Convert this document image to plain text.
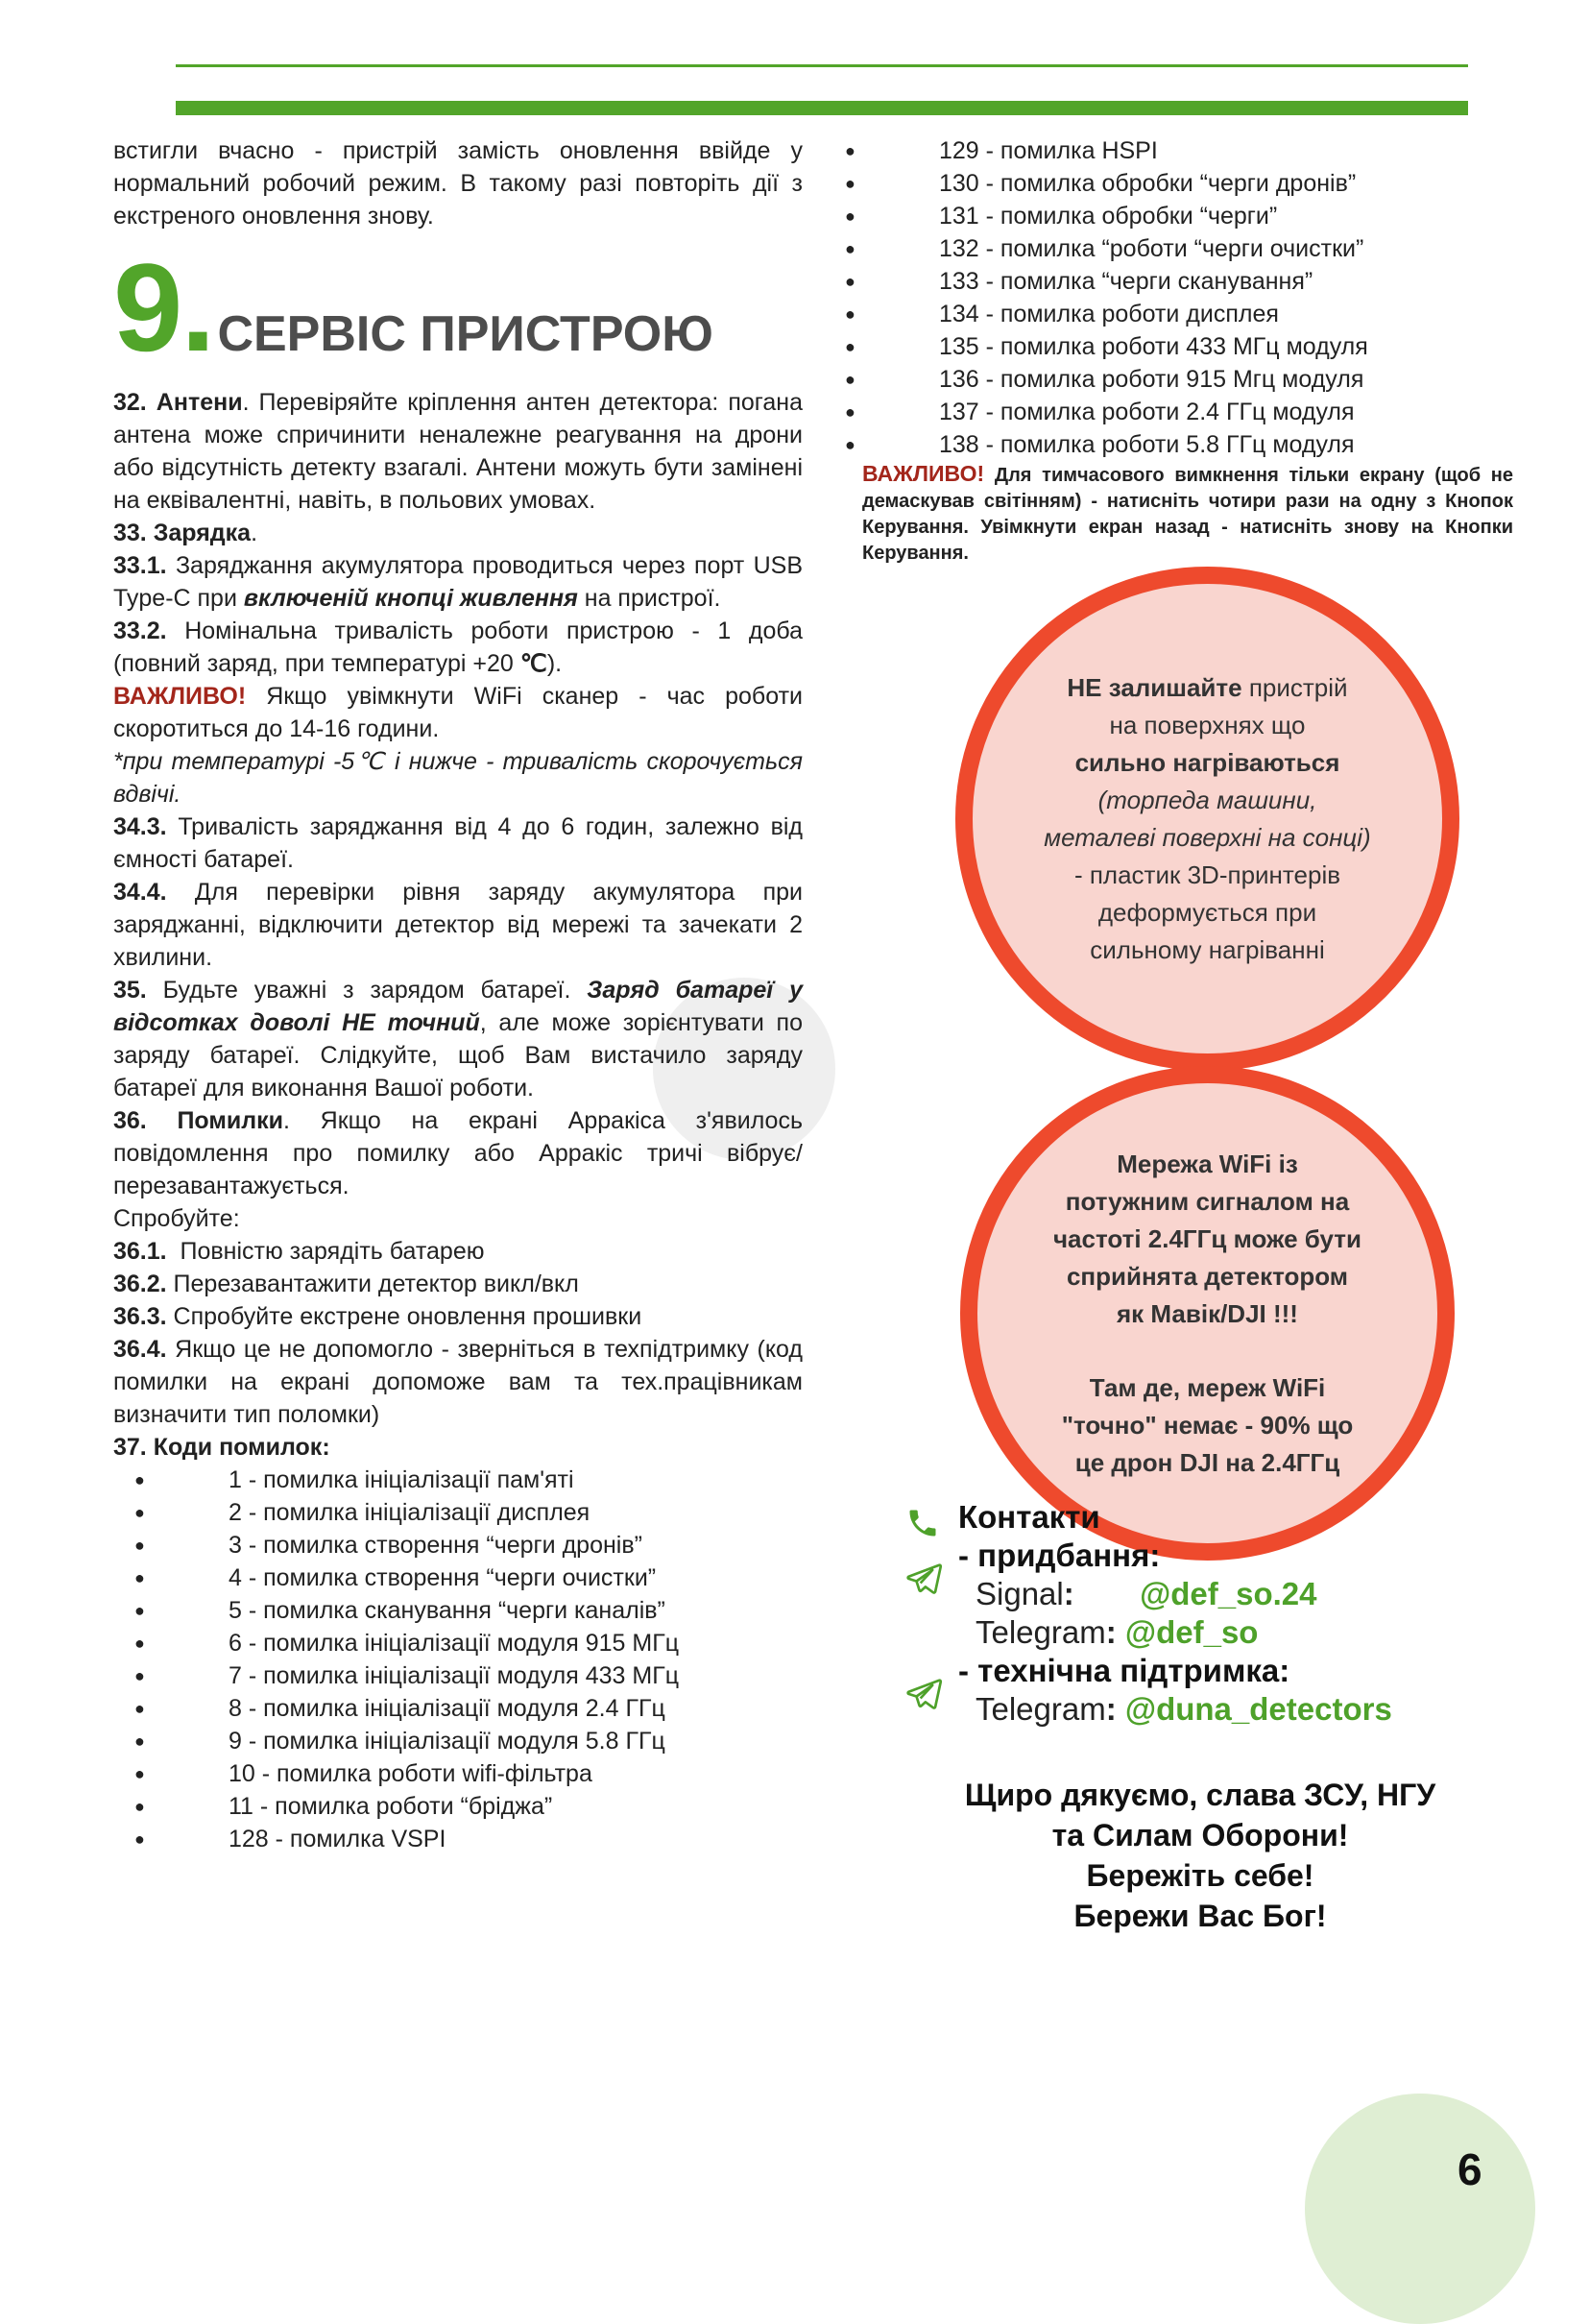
встигли вчасно - пристрій замість оновлення ввійде у нормальний робочий режим. В такому разі повторіть дії з екстреного оновлення знову.

9.СЕРВІС ПРИСТРОЮ

32. Антени. Перевіряйте кріплення антен детектора: погана антена може спричинити неналежне реагування на дрони або відсутність детекту взагалі. Антени можуть бути замінені на еквівалентні, навіть, в польових умовах.

33. Зарядка.

33.1. Заряджання акумулятора проводиться через порт USB Type-C при включеній кнопці живлення на пристрої.

33.2. Номінальна тривалість роботи пристрою - 1 доба (повний заряд, при температурі +20 ℃).

ВАЖЛИВО! Якщо увімкнути WiFi сканер - час роботи скоротиться до 14-16 години.

*при температурі -5℃ і нижче - тривалість скорочується вдвічі.

34.3. Тривалість заряджання від 4 до 6 годин, залежно від ємності батареї.

34.4. Для перевірки рівня заряду акумулятора при заряджанні, відключити детектор від мережі та зачекати 2 хвилини.

35. Будьте уважні з зарядом батареї. Заряд батареї у відсотках доволі НЕ точний, але може зорієнтувати по заряду батареї. Слідкуйте, щоб Вам вистачило заряду батареї для виконання Вашої роботи.

36. Помилки. Якщо на екрані Арракіса з'явилось повідомлення про помилку або Арракіс тричі вібрує/перезавантажується.

Спробуйте:

36.1.  Повністю зарядіть батарею

36.2. Перезавантажити детектор викл/вкл

36.3. Спробуйте екстрене оновлення прошивки

36.4. Якщо це не допомогло - зверніться в техпідтримку (код помилки на екрані допоможе вам та тех.працівникам визначити тип поломки)

37. Коди помилок:

● 1 - помилка ініціалізації пам'яті
● 2 - помилка ініціалізації дисплея
● 3 - помилка створення “черги дронів”
● 4 - помилка створення “черги очистки”
● 5 - помилка сканування “черги каналів”
● 6 - помилка ініціалізації модуля 915 МГц
● 7 - помилка ініціалізації модуля 433 МГц
● 8 - помилка ініціалізації модуля 2.4 ГГц
● 9 - помилка ініціалізації модуля 5.8 ГГц
● 10 - помилка роботи wifi-фільтра
● 11 - помилка роботи “бріджа”
● 128 - помилка VSPI
● 129 - помилка HSPI
● 130 - помилка обробки “черги дронів”
● 131 - помилка обробки “черги”
● 132 - помилка “роботи “черги очистки”
● 133 - помилка “черги сканування”
● 134 - помилка роботи дисплея
● 135 - помилка роботи 433 МГц модуля
● 136 - помилка роботи 915 Мгц модуля
● 137 - помилка роботи 2.4 ГГц модуля
● 138 - помилка роботи 5.8 ГГц модуля
ВАЖЛИВО! Для тимчасового вимкнення тільки екрану (щоб не демаскував світінням) - натисніть чотири рази на одну з Кнопок Керування. Увімкнути екран назад - натисніть знову на Кнопки Керування.
НЕ залишайте пристрій
на поверхнях що
сильно нагріваються
(торпеда машини,
металеві поверхні на сонці)
- пластик 3D-принтерів
деформується при
сильному нагріванні
Мережа WiFi із
потужним сигналом на
частоті 2.4ГГц може бути
сприйнята детектором
як Мавік/DJI !!!
Там де, мереж WiFi
"точно" немає - 90% що
це дрон DJI на 2.4ГГц
Контакти
- придбання:
Signal: @def_so.24
Telegram: @def_so
- технічна підтримка:
Telegram: @duna_detectors
Щиро дякуємо, слава ЗСУ, НГУ
та Силам Оборони!
Бережіть себе!
Бережи Вас Бог!
6
